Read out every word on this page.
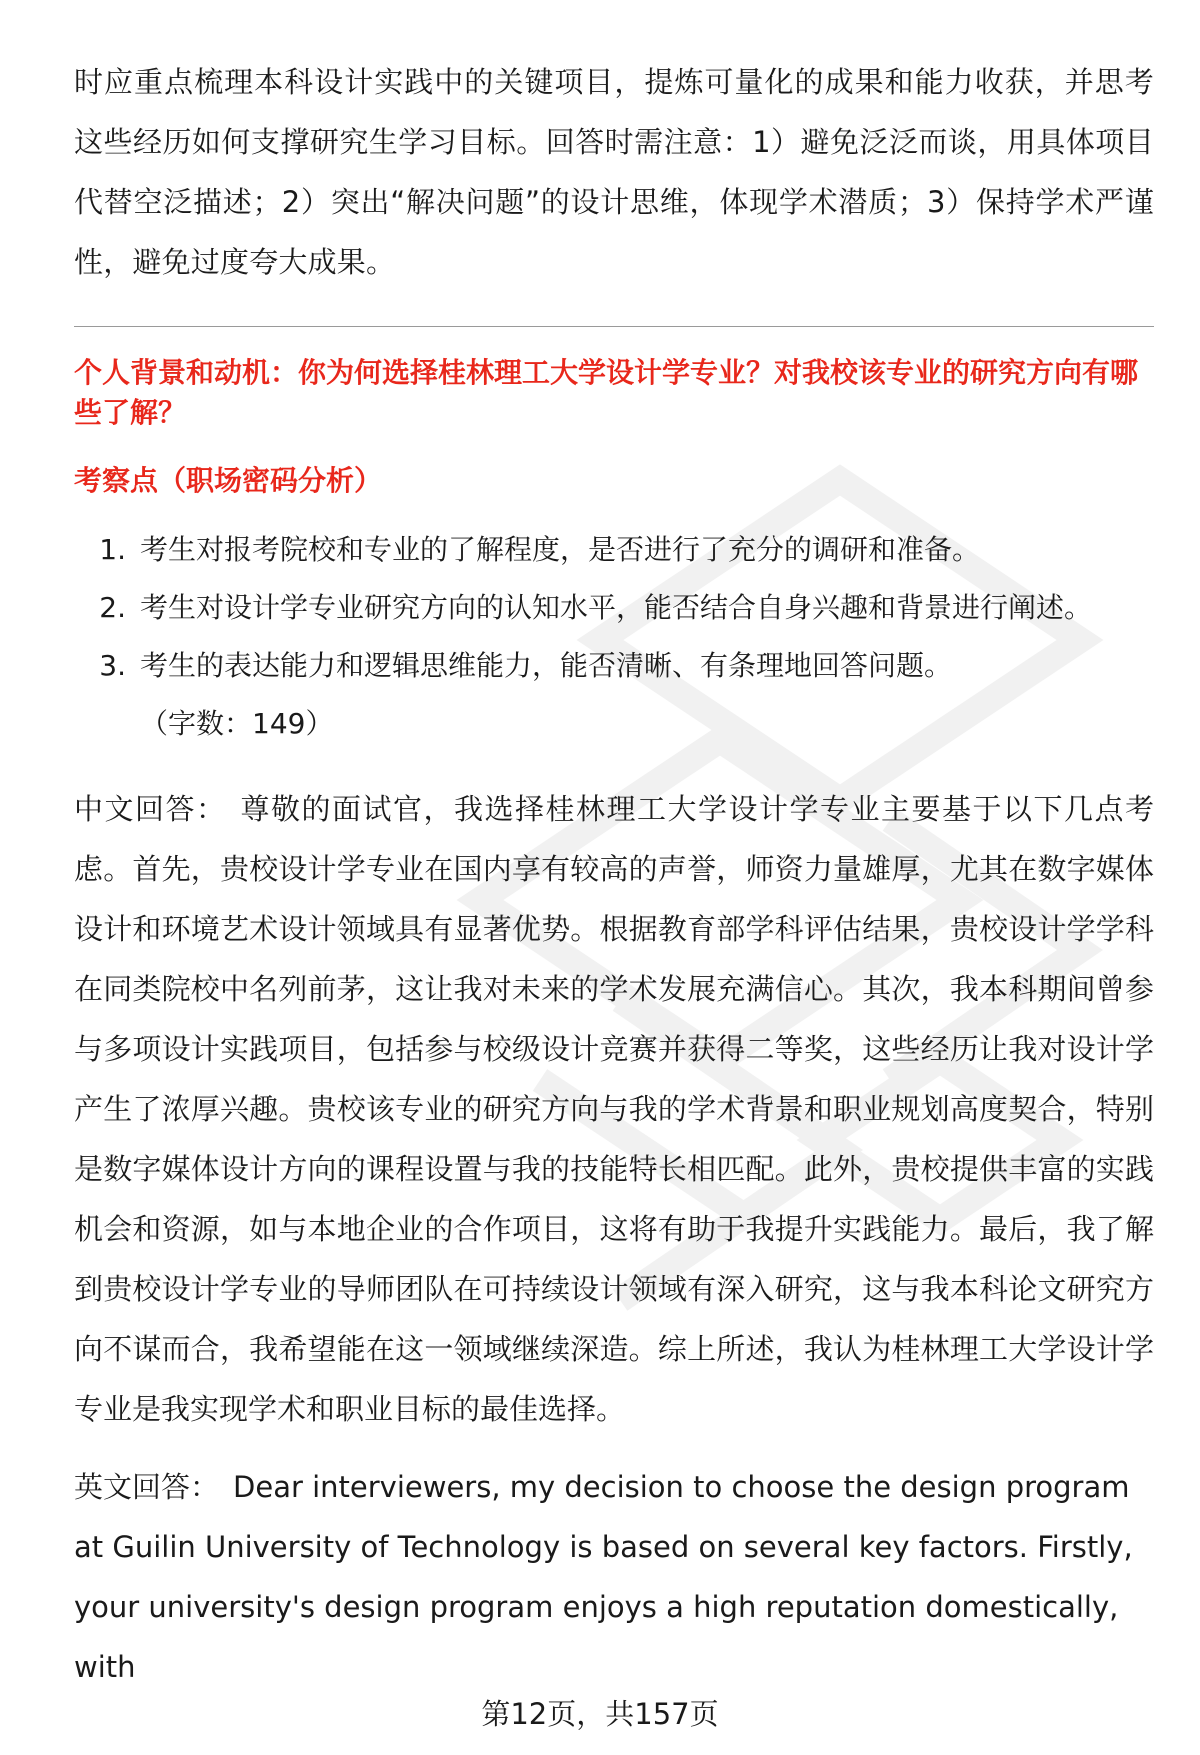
时应重点梳理本科设计实践中的关键项目，提炼可量化的成果和能力收获，并思考这些经历如何支撑研究生学习目标。回答时需注意：1）避免泛泛而谈，用具体项目代替空泛描述；2）突出“解决问题”的设计思维，体现学术潜质；3）保持学术严谨性，避免过度夸大成果。

个人背景和动机：你为何选择桂林理工大学设计学专业？对我校该专业的研究方向有哪些了解？

考察点（职场密码分析）

1. 考生对报考院校和专业的了解程度，是否进行了充分的调研和准备。
2. 考生对设计学专业研究方向的认知水平，能否结合自身兴趣和背景进行阐述。
3. 考生的表达能力和逻辑思维能力，能否清晰、有条理地回答问题。

（字数：149）

中文回答： 尊敬的面试官，我选择桂林理工大学设计学专业主要基于以下几点考虑。首先，贵校设计学专业在国内享有较高的声誉，师资力量雄厚，尤其在数字媒体设计和环境艺术设计领域具有显著优势。根据教育部学科评估结果，贵校设计学学科在同类院校中名列前茅，这让我对未来的学术发展充满信心。其次，我本科期间曾参与多项设计实践项目，包括参与校级设计竞赛并获得二等奖，这些经历让我对设计学产生了浓厚兴趣。贵校该专业的研究方向与我的学术背景和职业规划高度契合，特别是数字媒体设计方向的课程设置与我的技能特长相匹配。此外，贵校提供丰富的实践机会和资源，如与本地企业的合作项目，这将有助于我提升实践能力。最后，我了解到贵校设计学专业的导师团队在可持续设计领域有深入研究，这与我本科论文研究方向不谋而合，我希望能在这一领域继续深造。综上所述，我认为桂林理工大学设计学专业是我实现学术和职业目标的最佳选择。

英文回答： Dear interviewers, my decision to choose the design program at Guilin University of Technology is based on several key factors. Firstly, your university's design program enjoys a high reputation domestically, with

第12页，共157页
